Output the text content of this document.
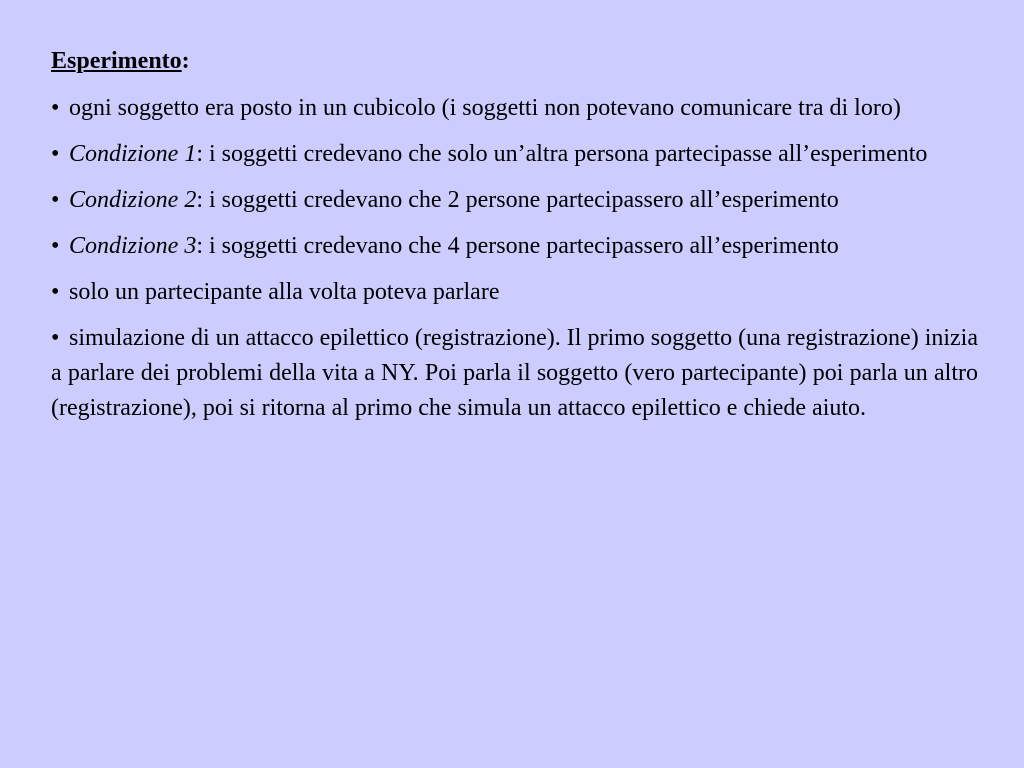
Esperimento:
• ogni soggetto era posto in un cubicolo (i soggetti non potevano comunicare tra di loro)
• Condizione 1: i soggetti credevano che solo un’altra persona partecipasse all’esperimento
• Condizione 2: i soggetti credevano che 2 persone partecipassero all’esperimento
• Condizione 3: i soggetti credevano che 4 persone partecipassero all’esperimento
• solo un partecipante alla volta poteva parlare
• simulazione di un attacco epilettico (registrazione). Il primo soggetto (una registrazione) inizia a parlare dei problemi della vita a NY. Poi parla il soggetto (vero partecipante) poi parla un altro (registrazione), poi si ritorna al primo che simula un attacco epilettico e chiede aiuto.
